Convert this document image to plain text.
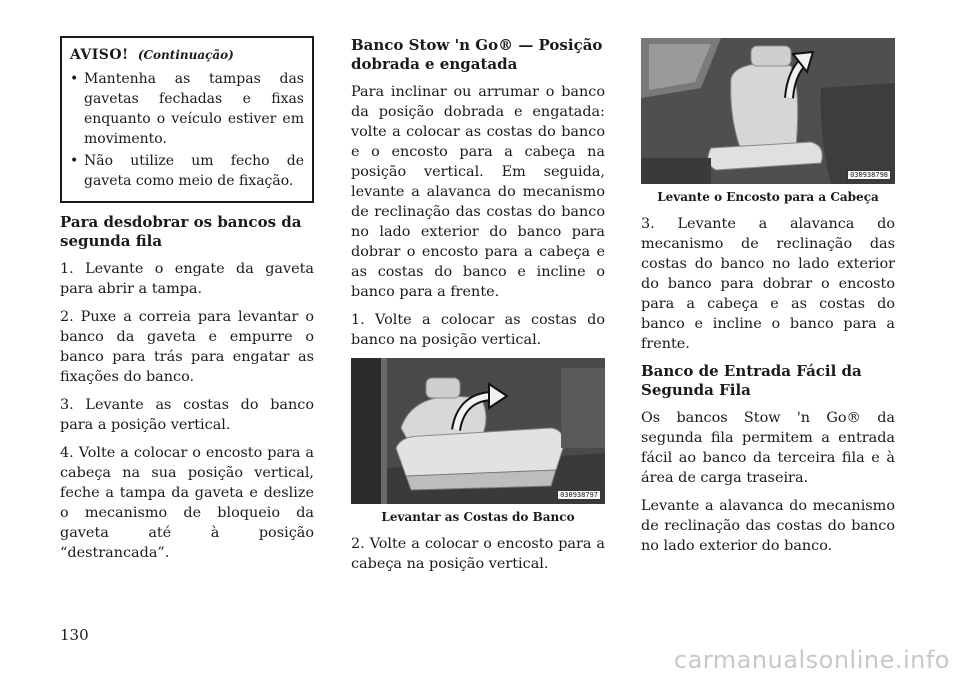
AVISO! (Continuação)
• Mantenha as tampas das gavetas fechadas e fixas enquanto o veículo estiver em movimento.
• Não utilize um fecho de gaveta como meio de fixação.
Para desdobrar os bancos da segunda fila

1. Levante o engate da gaveta para abrir a tampa.

2. Puxe a correia para levantar o banco da gaveta e empurre o banco para trás para engatar as fixações do banco.

3. Levante as costas do banco para a posição vertical.

4. Volte a colocar o encosto para a cabeça na sua posição vertical, feche a tampa da gaveta e deslize o mecanismo de bloqueio da gaveta até à posição “destrancada”.

Banco Stow 'n Go® — Posição dobrada e engatada

Para inclinar ou arrumar o banco da posição dobrada e engatada: volte a colocar as costas do banco e o encosto para a cabeça na posição vertical. Em seguida, levante a alavanca do mecanismo de reclinação das costas do banco no lado exterior do banco para dobrar o encosto para a cabeça e as costas do banco e incline o banco para a frente.

1. Volte a colocar as costas do banco na posição vertical.

030938797
Levantar as Costas do Banco

2. Volte a colocar o encosto para a cabeça na posição vertical.

030938798
Levante o Encosto para a Cabeça

3. Levante a alavanca do mecanismo de reclinação das costas do banco no lado exterior do banco para dobrar o encosto para a cabeça e as costas do banco e incline o banco para a frente.

Banco de Entrada Fácil da Segunda Fila

Os bancos Stow 'n Go® da segunda fila permitem a entrada fácil ao banco da terceira fila e à área de carga traseira.

Levante a alavanca do mecanismo de reclinação das costas do banco no lado exterior do banco.

130
carmanualsonline.info
